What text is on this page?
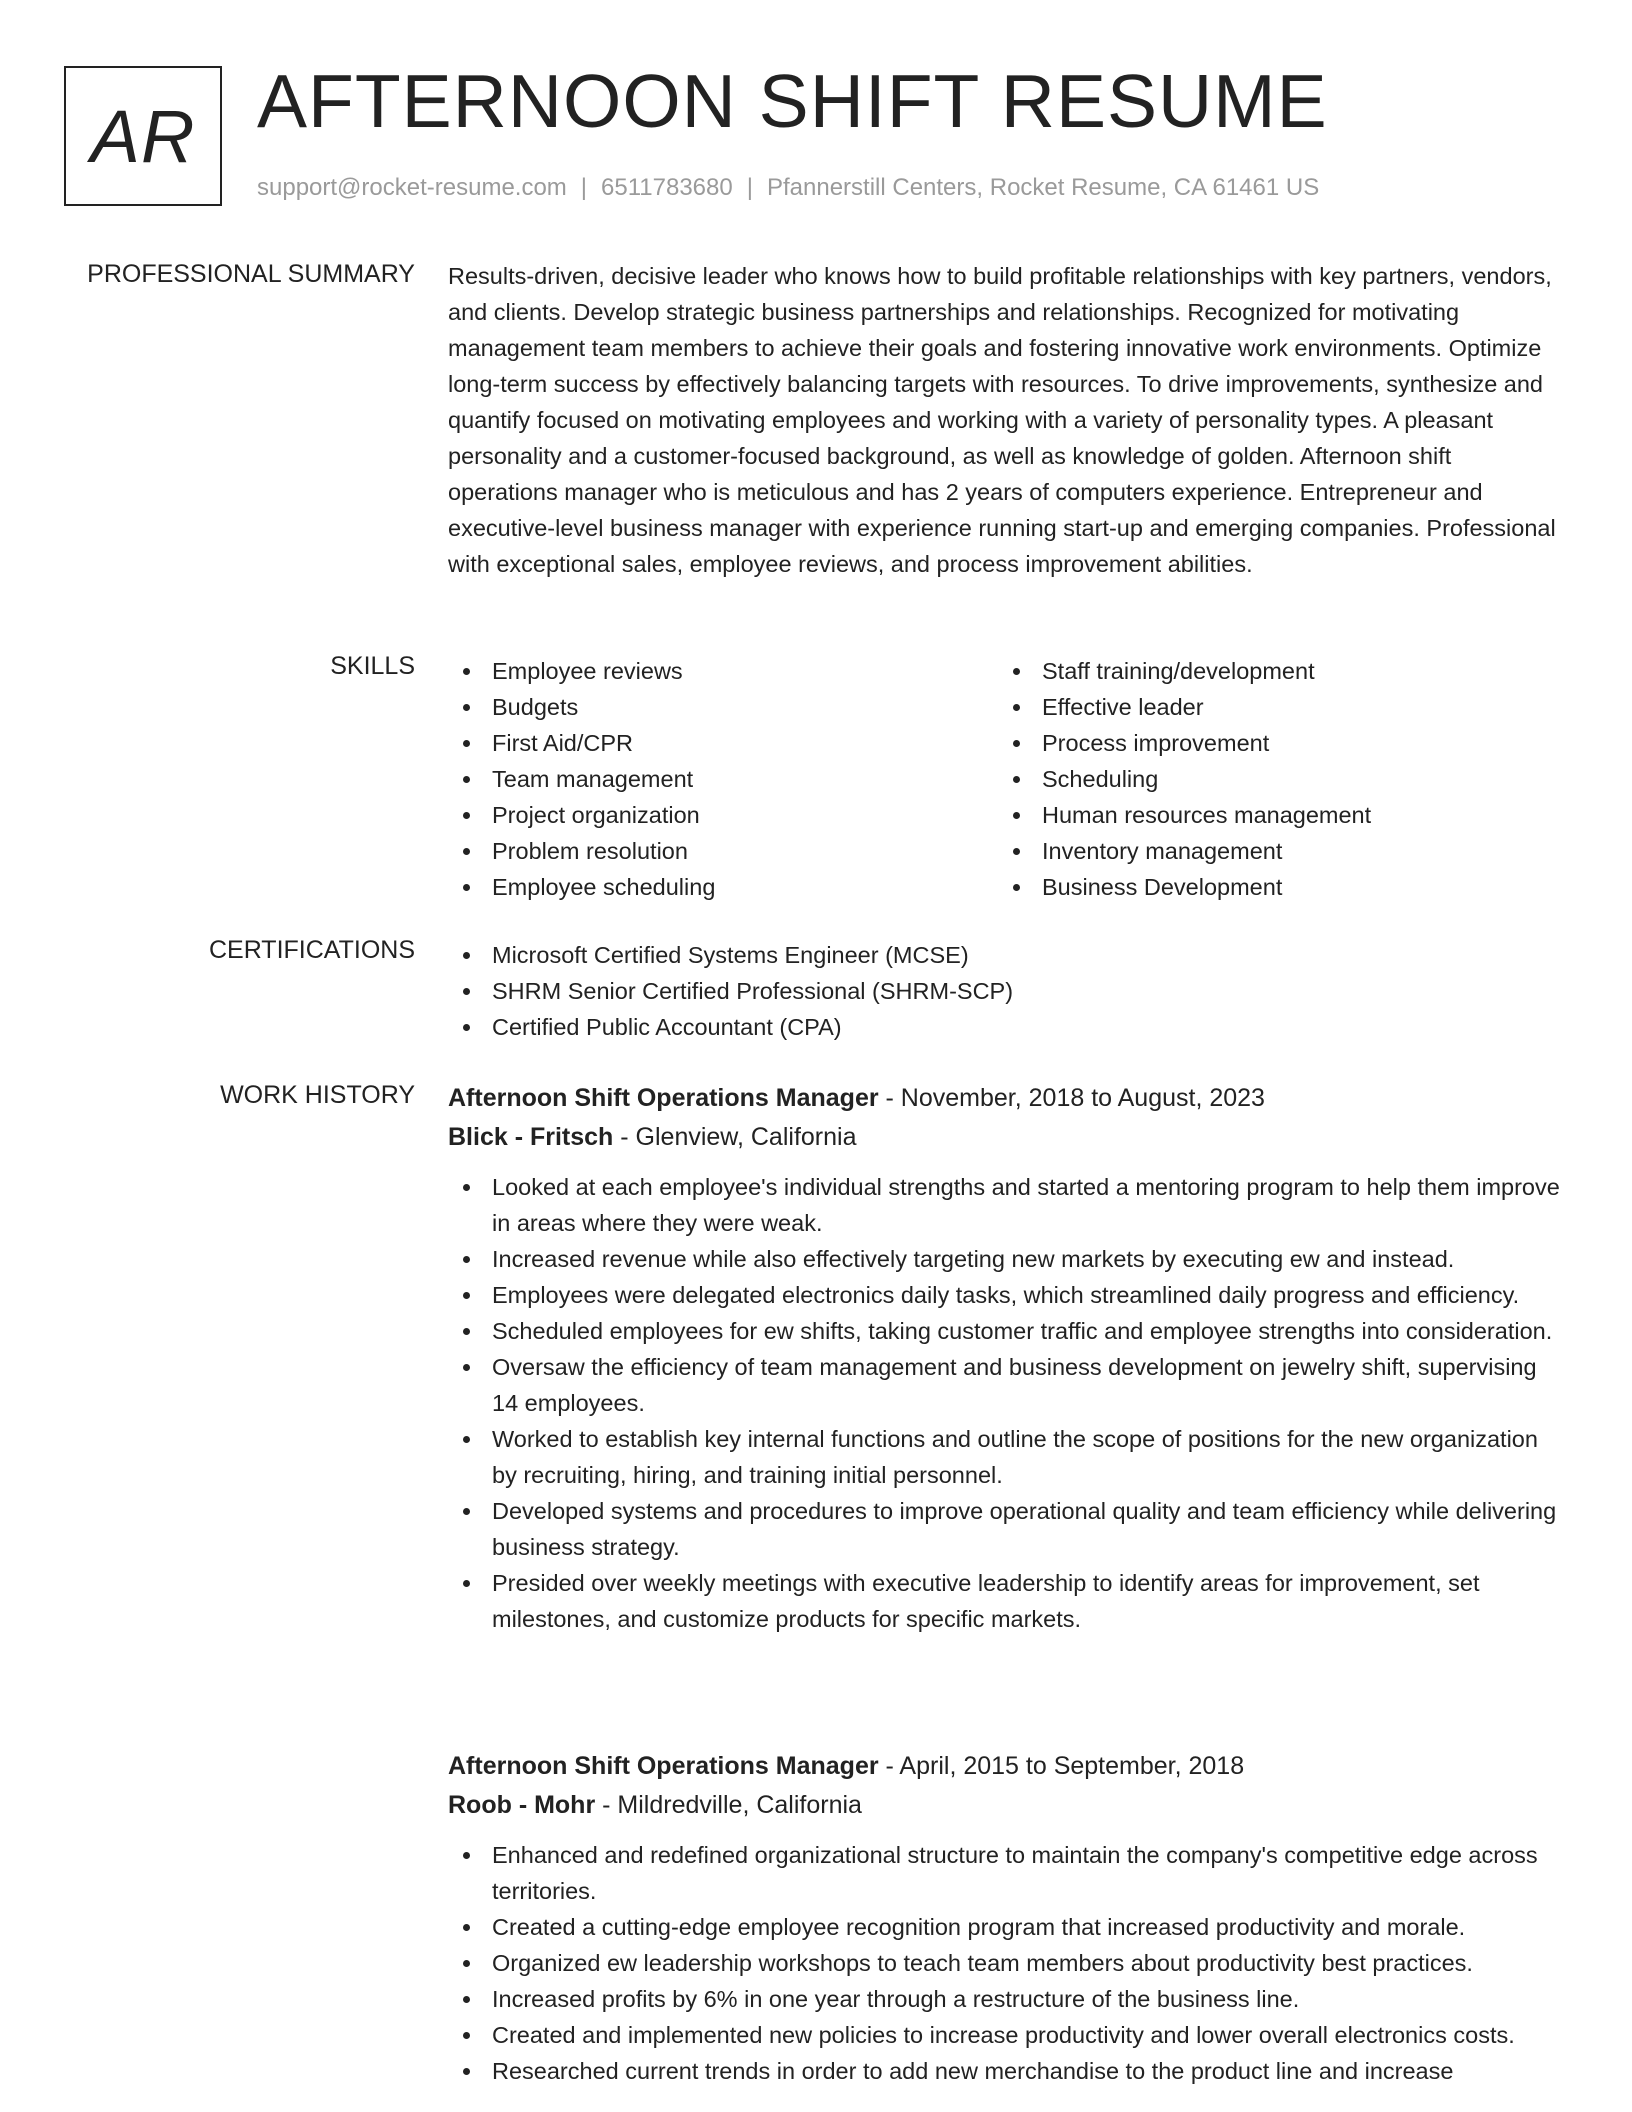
AR AFTERNOON SHIFT RESUME
support@rocket-resume.com | 6511783680 | Pfannerstill Centers, Rocket Resume, CA 61461 US
PROFESSIONAL SUMMARY Results-driven, decisive leader who knows how to build profitable relationships with key partners, vendors, and clients. Develop strategic business partnerships and relationships. Recognized for motivating management team members to achieve their goals and fostering innovative work environments. Optimize long-term success by effectively balancing targets with resources. To drive improvements, synthesize and quantify focused on motivating employees and working with a variety of personality types. A pleasant personality and a customer-focused background, as well as knowledge of golden. Afternoon shift operations manager who is meticulous and has 2 years of computers experience. Entrepreneur and executive-level business manager with experience running start-up and emerging companies. Professional with exceptional sales, employee reviews, and process improvement abilities.
SKILLS	Employee reviews
Budgets
First Aid/CPR
Team management
Project organization
Problem resolution
Employee scheduling
Staff training/development
Effective leader
Process improvement
Scheduling
Human resources management
Inventory management
Business Development
CERTIFICATIONS	Microsoft Certified Systems Engineer (MCSE)
SHRM Senior Certified Professional (SHRM-SCP)
Certified Public Accountant (CPA)
WORK HISTORY Afternoon Shift Operations Manager - November, 2018 to August, 2023
Blick - Fritsch - Glenview, California
Looked at each employee's individual strengths and started a mentoring program to help them improve in areas where they were weak.
Increased revenue while also effectively targeting new markets by executing ew and instead.
Employees were delegated electronics daily tasks, which streamlined daily progress and efficiency.
Scheduled employees for ew shifts, taking customer traffic and employee strengths into consideration.
Oversaw the efficiency of team management and business development on jewelry shift, supervising 14 employees.
Worked to establish key internal functions and outline the scope of positions for the new organization by recruiting, hiring, and training initial personnel.
Developed systems and procedures to improve operational quality and team efficiency while delivering business strategy.
Presided over weekly meetings with executive leadership to identify areas for improvement, set milestones, and customize products for specific markets.
Afternoon Shift Operations Manager - April, 2015 to September, 2018
Roob - Mohr - Mildredville, California
Enhanced and redefined organizational structure to maintain the company's competitive edge across territories.
Created a cutting-edge employee recognition program that increased productivity and morale.
Organized ew leadership workshops to teach team members about productivity best practices.
Increased profits by 6% in one year through a restructure of the business line.
Created and implemented new policies to increase productivity and lower overall electronics costs.
Researched current trends in order to add new merchandise to the product line and increase
